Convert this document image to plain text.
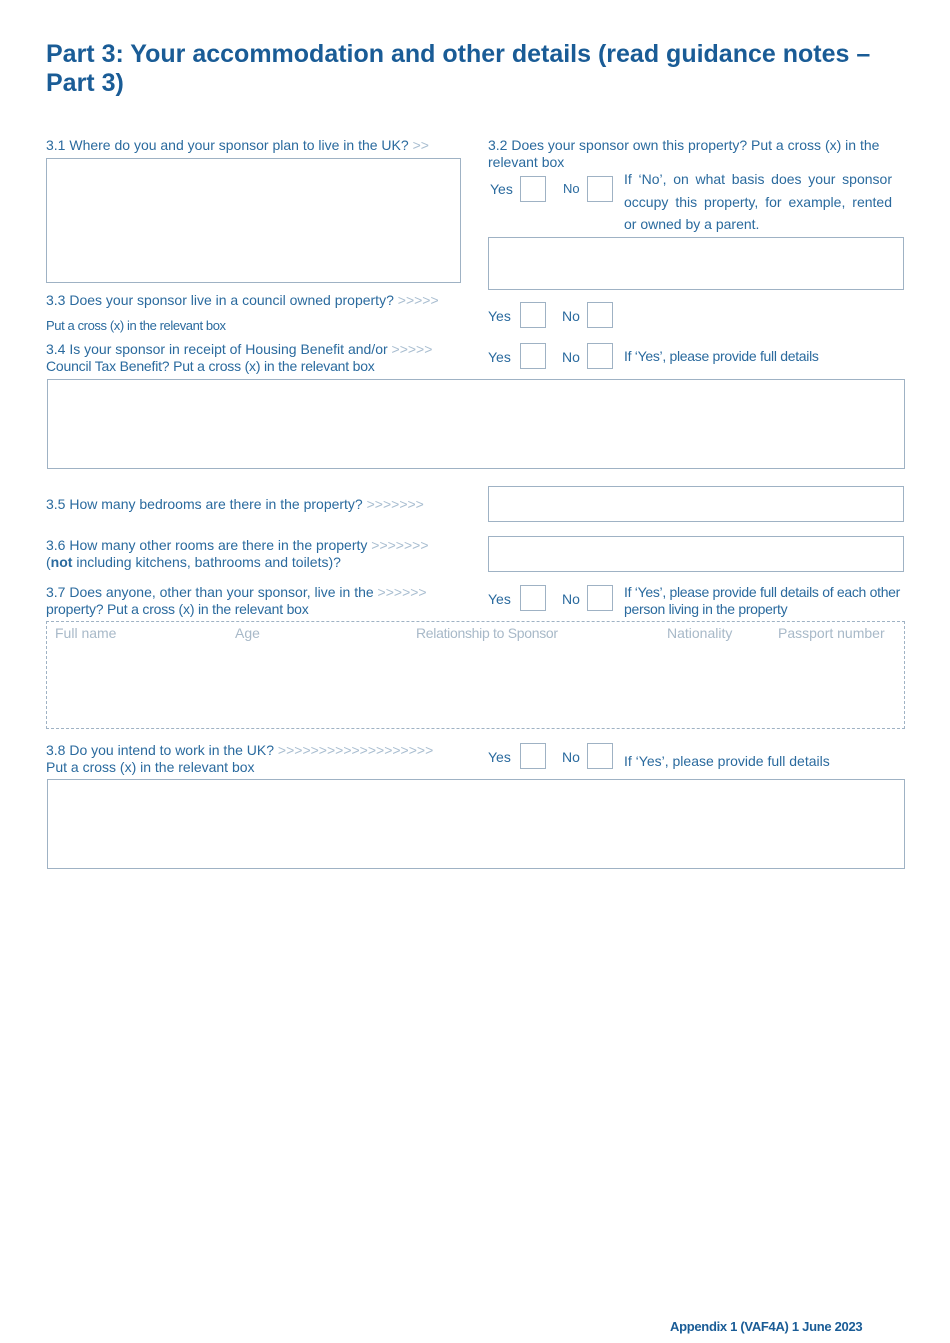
Part 3: Your accommodation and other details (read guidance notes – Part 3)
3.1 Where do you and your sponsor plan to live in the UK? >>	3.2 Does your sponsor own this property? Put a cross (x) in the relevant box
Yes	No
If ‘No’, on what basis does your sponsor occupy this property, for example, rented or owned by a parent.
3.3 Does your sponsor live in a council owned property? >>>>>
Put a cross (x) in the relevant box
Yes	No
3.4 Is your sponsor in receipt of Housing Benefit and/or >>>>>
Council Tax Benefit? Put a cross (x) in the relevant box
Yes	No	If ‘Yes’, please provide full details
3.5 How many bedrooms are there in the property? >>>>>>>
3.6 How many other rooms are there in the property >>>>>>>
(not including kitchens, bathrooms and toilets)?
3.7 Does anyone, other than your sponsor, live in the >>>>>>
property? Put a cross (x) in the relevant box
Yes	No	If ‘Yes’, please provide full details of each other person living in the property
Full name	Age	Relationship to Sponsor	Nationality	Passport number
3.8 Do you intend to work in the UK? >>>>>>>>>>>>>>>>>>>
Put a cross (x) in the relevant box
Yes	No	If ‘Yes’, please provide full details
Appendix 1 (VAF4A) 1 June 2023
